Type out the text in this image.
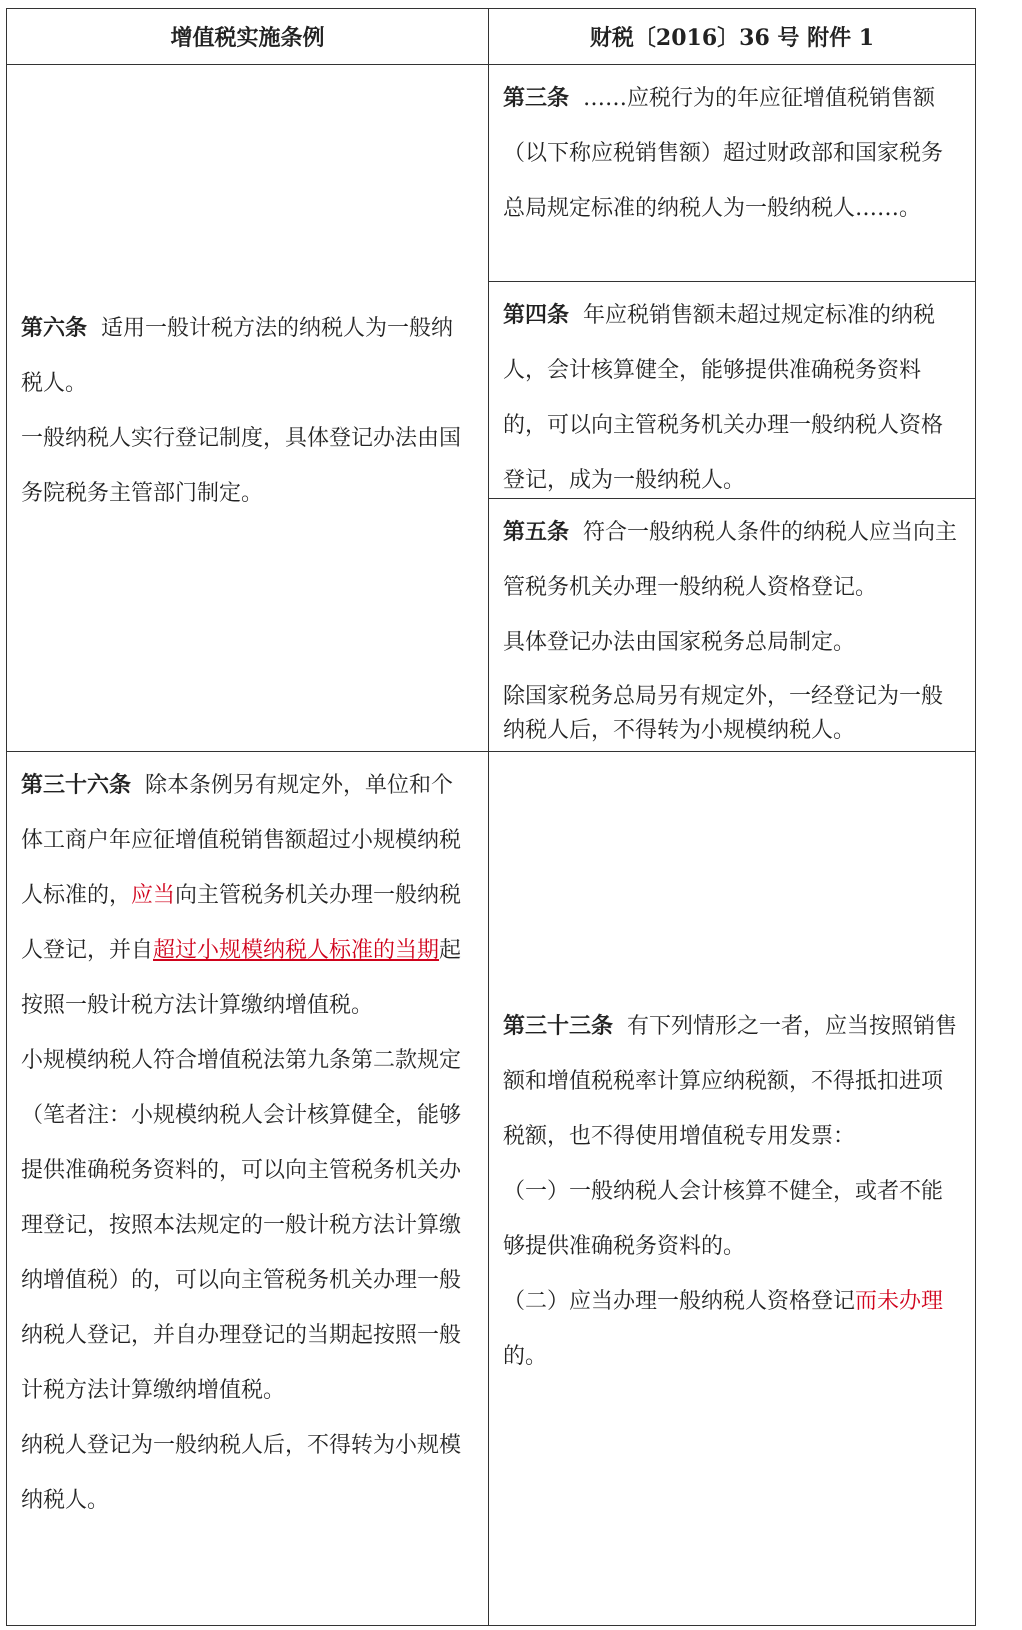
增值税实施条例	财税〔2016〕36 号 附件 1

第六条 适用一般计税方法的纳税人为一般纳税人。

一般纳税人实行登记制度，具体登记办法由国务院税务主管部门制定。

第三条 ……应税行为的年应征增值税销售额（以下称应税销售额）超过财政部和国家税务总局规定标准的纳税人为一般纳税人……。

第四条 年应税销售额未超过规定标准的纳税人，会计核算健全，能够提供准确税务资料的，可以向主管税务机关办理一般纳税人资格登记，成为一般纳税人。

第五条 符合一般纳税人条件的纳税人应当向主管税务机关办理一般纳税人资格登记。

具体登记办法由国家税务总局制定。

除国家税务总局另有规定外，一经登记为一般纳税人后，不得转为小规模纳税人。

第三十六条 除本条例另有规定外，单位和个体工商户年应征增值税销售额超过小规模纳税人标准的，应当向主管税务机关办理一般纳税人登记，并自超过小规模纳税人标准的当期起按照一般计税方法计算缴纳增值税。

小规模纳税人符合增值税法第九条第二款规定（笔者注：小规模纳税人会计核算健全，能够提供准确税务资料的，可以向主管税务机关办理登记，按照本法规定的一般计税方法计算缴纳增值税）的，可以向主管税务机关办理一般纳税人登记，并自办理登记的当期起按照一般计税方法计算缴纳增值税。

纳税人登记为一般纳税人后，不得转为小规模纳税人。

第三十三条 有下列情形之一者，应当按照销售额和增值税税率计算应纳税额，不得抵扣进项税额，也不得使用增值税专用发票：

（一）一般纳税人会计核算不健全，或者不能够提供准确税务资料的。

（二）应当办理一般纳税人资格登记而未办理的。
